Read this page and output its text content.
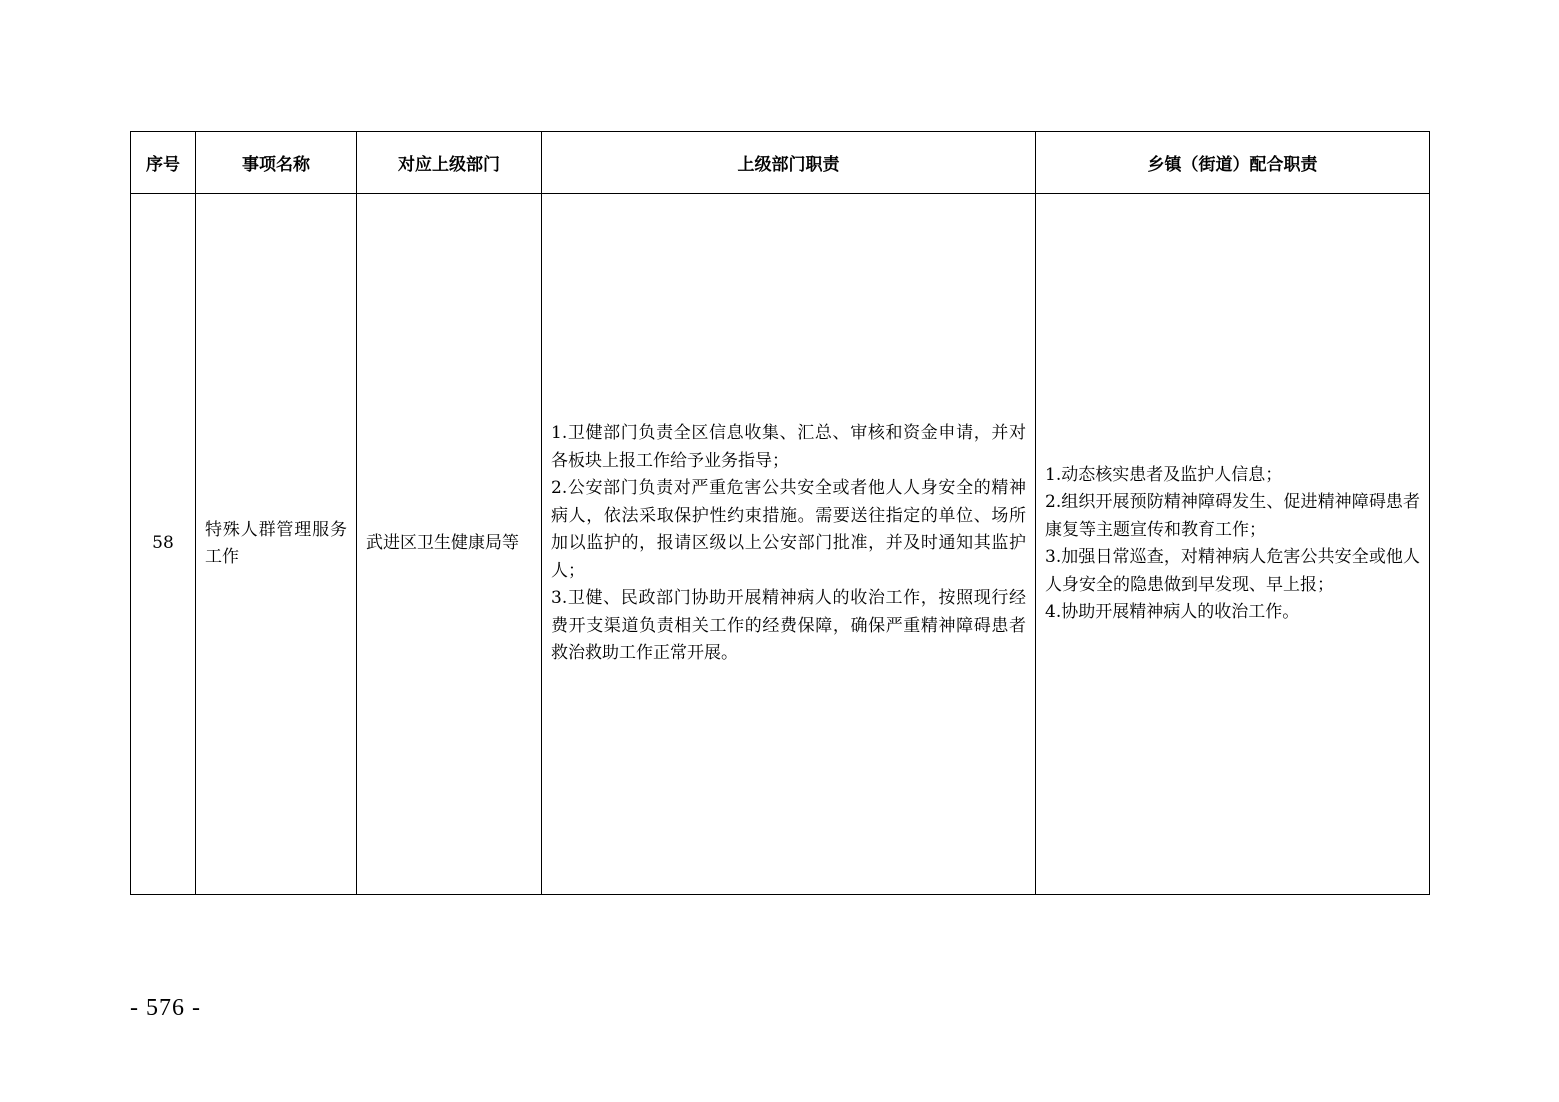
序号	事项名称	对应上级部门	上级部门职责	乡镇（街道）配合职责
58	特殊人群管理服务工作	武进区卫生健康局等	1.卫健部门负责全区信息收集、汇总、审核和资金申请，并对各板块上报工作给予业务指导；
2.公安部门负责对严重危害公共安全或者他人人身安全的精神病人，依法采取保护性约束措施。需要送往指定的单位、场所加以监护的，报请区级以上公安部门批准，并及时通知其监护人；
3.卫健、民政部门协助开展精神病人的收治工作，按照现行经费开支渠道负责相关工作的经费保障，确保严重精神障碍患者救治救助工作正常开展。	1.动态核实患者及监护人信息；
2.组织开展预防精神障碍发生、促进精神障碍患者康复等主题宣传和教育工作；
3.加强日常巡查，对精神病人危害公共安全或他人人身安全的隐患做到早发现、早上报；
4.协助开展精神病人的收治工作。
- 576 -
